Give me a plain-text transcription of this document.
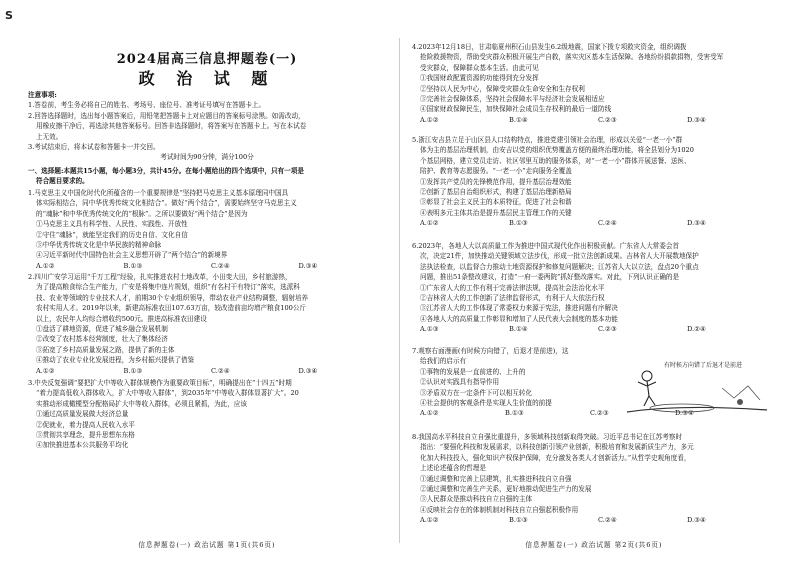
S
2024届高三信息押题卷(一)
政 治 试 题
注意事项:
1.答卷前，考生务必将自己的姓名、考场号、座位号、准考证号填写在答题卡上。
2.回答选择题时，选出每小题答案后，用铅笔把答题卡上对应题目的答案标号涂黑。如需改动，
用橡皮擦干净后，再选涂其他答案标号。回答非选择题时，将答案写在答题卡上。写在本试卷
上无效。
3.考试结束后，将本试卷和答题卡一并交回。
考试时间为90分钟，满分100分
一、选择题:本题共15小题，每小题3分，共计45分。在每小题给出的四个选项中，只有一项是
符合题目要求的。
1.马克思主义中国化时代化所蕴含的一个重要规律是“坚持把马克思主义基本原理同中国具
体实际相结合，同中华优秀传统文化相结合”。做好“两个结合”，需要始终坚守马克思主义
的“魂脉”和中华优秀传统文化的“根脉”。之所以要做好“两个结合”是因为
①马克思主义具有科学性、人民性、实践性、开放性
②守住“魂脉”，就能坚定我们的历史自信、文化自信
③中华优秀传统文化是中华民族的精神命脉
④习近平新时代中国特色社会主义思想开辟了“两个结合”的新境界
A.①②	B.①③	C.②④	D.③④
2.四川广安学习运用“千万工程”经验，扎实推进农村土地改革，小田变大田，乡村旅游热，
为了提高粮食综合生产能力，广安是将集中连片规划，组织“有名村干有特订”落实，选派科
技、农业等领域的专业技术人才，前期30个专业组织领导，带动农业产业结构调整，辐射培养
农村实用人才。2019年以来，新建高标准农田107.63万亩，较改造前亩均增产粮食100公斤
以上，农民年人均综合增收约500元。推进高标准农田建设
①盘活了耕地资源，促进了城乡融合发展机制
②改变了农村基本经营制度，壮大了集体经济
③拓宽了乡村高质量发展之路，提供了新的主体
④推动了农业专业化发展进程，为乡村振兴提供了借鉴
A.①②	B.①③	C.②④	D.③④
3.中央反复强调“要把扩大中等收入群体规模作为重要政策目标”，明确提出在“十四五”时期
“着力提高低收入群体收入，扩大中等收入群体”，到2035年“中等收入群体显著扩大”。20
实推动形成橄榄型分配格局扩大中等收入群体，必须且紧抓，为此，应该
①通过高质量发展做大经济总量
②促就业，着力提高人民收入水平
③贯彻共享理念，提升思想东东格
④加快推进基本公共服务平均化
信息押题卷(一) 政治试题 第1页(共6页)
4.2023年12月18日，甘肃临夏州积石山县发生6.2级地震，国家下拨专项救灾资金，组织调拨
抢险救援物资，帮助受灾群众积极开展生产自救，落实灾区基本生活保障。各地纷纷捐款捐物，受害受军
受灾群众，保障群众基本生活。由此可见
①我国财政配置资源的功能得到充分发挥
②坚持以人民为中心，保障受灾群众生命安全和生存权利
③完善社会保障体系，坚持社会保障水平与经济社会发展相适应
④国家财政保障民生，加快保障社会成员生存权利的最后一道防线
A.①②	B.①④	C.②③	D.③④
5.浙江安吉县立足于山区县人口结构特点，推进党建引领社会治理，形成以关爱“一老一小”群
体为主的基层治理机制，由安吉以党的组织优势覆盖方便的最终治理功能，将全县划分为1020
个基层网格，建立党员走访、社区邻里互助的服务体系，对“一老一小”群体开展送餐、送医、
陪护、教育等志愿服务。“一老一小”走向服务全覆盖
①发挥共产党员的先锋模范作用，提升基层治理效能
②创新了基层自治组织形式，构建了基层治理新格局
③彰显了社会主义民主的本质特征，促进了社会和谐
④表明多元主体共治是提升基层民主管理工作的关键
A.①②	B.①③	C.②④	D.③④
6.2023年，各地人大以高质量工作为推进中国式现代化作出积极贡献。广东省人大常委会首
次，决定21件，加快推动关键领域立法步伐，形成一批立法创新成果。吉林省人大开展数地保护
法执法检查，以监督合力推动土地资源保护和修复问题解决；江苏省人大以立法，盘点20个重点
问题，推出51条整改建议，打造“一府一委两院”抓好整改落实。对此，下列认识正确的是
①广东省人大的工作有利于完善法律法规，提高社会法治化水平
②吉林省人大的工作创新了法律监督形式，有利于人大依法行权
③江苏省人大的工作体现了常委权力来源于宪法，推进问题有序解决
④各地人大的高质量工作彰显和增加了人民代表大会制度的基本功能
A.①③	B.①④	C.②③	D.②④
7.观察右面漫画(有时候方向错了，后退才是前进)，这
给我们的启示有
①事物的发展是一直前进的、上升的
②认识对实践具有指导作用
③矛盾双方在一定条件下可以相互转化
④社会提供的客观条件是实现人生价值的前提
A.①②	B.①③	C.②③	D.③④
有时候方向错了后退才是前进
8.我国高水平科技自立自强比重提升，多领域科技创新取得突破。习近平总书记在江苏考察时
指出：“要强化科技和发展需求，以科技创新引领产业创新，积极培育和发展新质生产力，多元
化加大科技投入，强化知识产权保护保障，充分激发各类人才创新活力。”从哲学史观角度看，
上述论述蕴含的哲理是
①通过调整和完善上层建筑，扎实推进科技自立自强
②通过调整和完善生产关系，更好地推动促进生产力的发展
③人民群众是推动科技自立自强的主体
④反映社会存在的体制机制对科技自立自强起积极作用
A.①②	B.①③	C.②④	D.③④
信息押题卷(一) 政治试题 第2页(共6页)
